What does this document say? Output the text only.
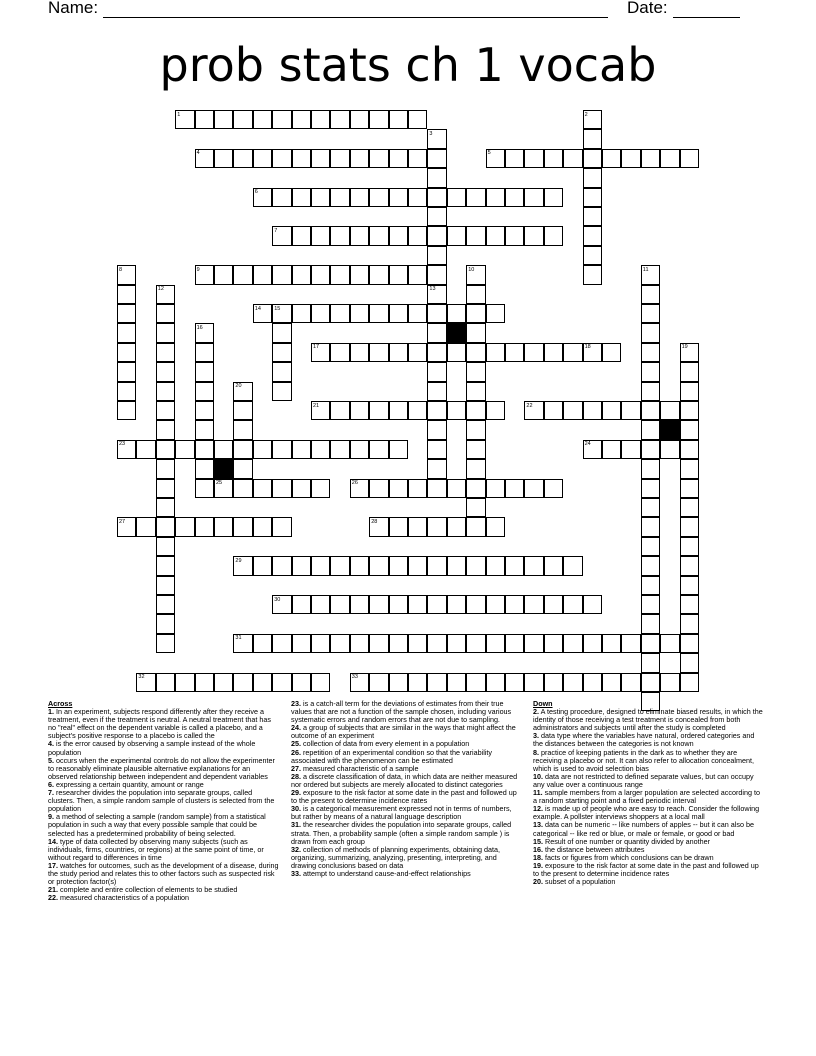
Name:	Date:
prob stats ch 1 vocab
1
4	5
6
7
9
14 15
17	18
21	22
23	24
25	26
27	28
29
30
31
32	33
2
3
13
8	10	11
12
16
19
20
Across
1. In an experiment, subjects respond differently after they receive a treatment, even if the treatment is neutral. A neutral treatment that has no "real" effect on the dependent variable is called a placebo, and a subject's positive response to a placebo is called the
4. is the error caused by observing a sample instead of the whole population
5. occurs when the experimental controls do not allow the experimenter to reasonably eliminate plausible alternative explanations for an observed relationship between independent and dependent variables
6. expressing a certain quantity, amount or range
7. researcher divides the population into separate groups, called clusters. Then, a simple random sample of clusters is selected from the population
9. a method of selecting a sample (random sample) from a statistical population in such a way that every possible sample that could be selected has a predetermined probability of being selected.
14. type of data collected by observing many subjects (such as individuals, firms, countries, or regions) at the same point of time, or without regard to differences in time
17. watches for outcomes, such as the development of a disease, during the study period and relates this to other factors such as suspected risk or protection factor(s)
21. complete and entire collection of elements to be studied
22. measured characteristics of a population
23. is a catch-all term for the deviations of estimates from their true values that are not a function of the sample chosen, including various systematic errors and random errors that are not due to sampling.
24. a group of subjects that are similar in the ways that might affect the outcome of an experiment
25. collection of data from every element in a population
26. repetition of an experimental condition so that the variability associated with the phenomenon can be estimated
27. measured characteristic of a sample
28. a discrete classification of data, in which data are neither measured nor ordered but subjects are merely allocated to distinct categories
29. exposure to the risk factor at some date in the past and followed up to the present to determine incidence rates
30. is a categorical measurement expressed not in terms of numbers, but rather by means of a natural language description
31. the researcher divides the population into separate groups, called strata. Then, a probability sample (often a simple random sample ) is drawn from each group
32. collection of methods of planning experiments, obtaining data, organizing, summarizing, analyzing, presenting, interpreting, and drawing conclusions based on data
33. attempt to understand cause-and-effect relationships
Down
2. A testing procedure, designed to eliminate biased results, in which the identity of those receiving a test treatment is concealed from both administrators and subjects until after the study is completed
3. data type where the variables have natural, ordered categories and the distances between the categories is not known
8. practice of keeping patients in the dark as to whether they are receiving a placebo or not. It can also refer to allocation concealment, which is used to avoid selection bias
10. data are not restricted to defined separate values, but can occupy any value over a continuous range
11. sample members from a larger population are selected according to a random starting point and a fixed periodic interval
12. is made up of people who are easy to reach. Consider the following example. A pollster interviews shoppers at a local mall
13. data can be numeric -- like numbers of apples -- but it can also be categorical -- like red or blue, or male or female, or good or bad
15. Result of one number or quantity divided by another
16. the distance between attributes
18. facts or figures from which conclusions can be drawn
19. exposure to the risk factor at some date in the past and followed up to the present to determine incidence rates
20. subset of a population
